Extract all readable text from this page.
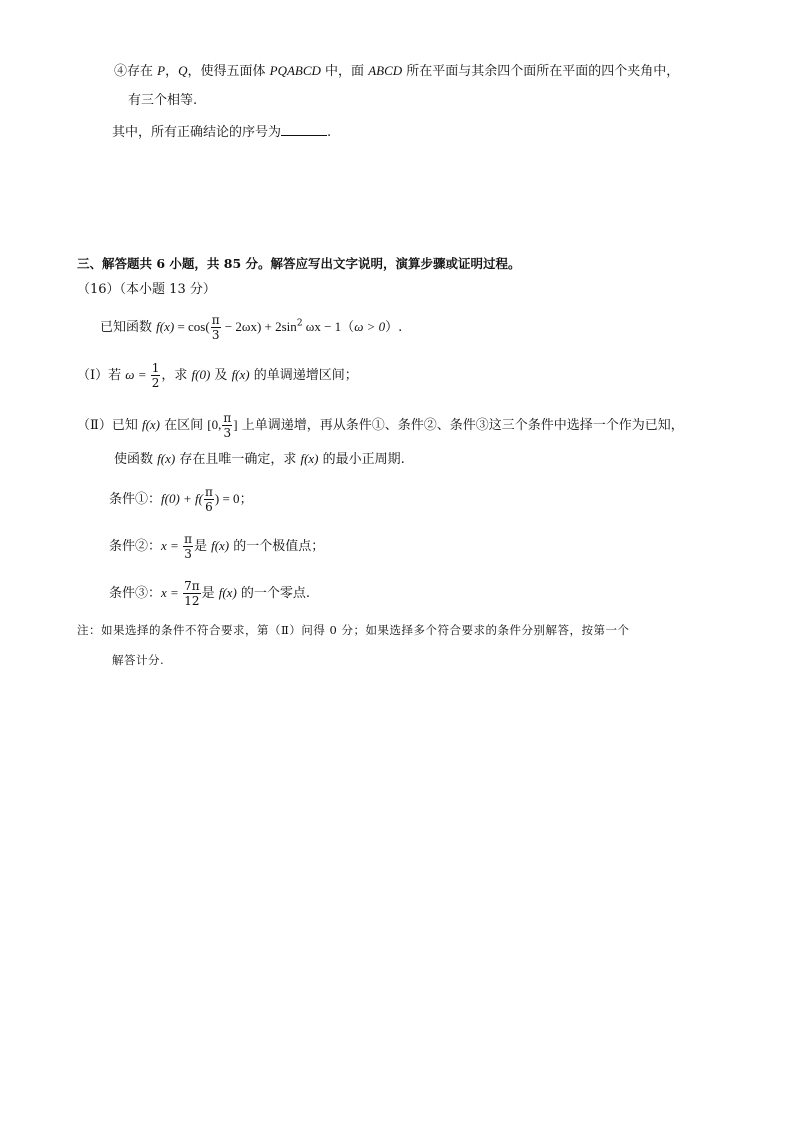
④存在 P，Q，使得五面体 PQABCD 中，面 ABCD 所在平面与其余四个面所在平面的四个夹角中，
有三个相等.
其中，所有正确结论的序号为	.
三、解答题共 6 小题，共 85 分。解答应写出文字说明，演算步骤或证明过程。
（16）（本小题 13 分）
已知函数 $f(x) = \cos( \frac{\pi}{3} - 2\omega x) + 2\sin^2$ ωx − 1（ω > 0）.
（Ⅰ）若 $\omega = \frac{1}{2}$ ，求 f(0) 及 f(x) 的单调递增区间；
（Ⅱ）已知 f(x) 在区间 [0, $\frac{\pi}{3}$ ] 上单调递增，再从条件①、条件②、条件③这三个条件中选择一个作为已知，
使函数 f(x) 存在且唯一确定，求 f(x) 的最小正周期.
条件①：$f(0) + f( \frac{\pi}{6}$ ) = 0；
条件②：$x = \frac{\pi}{3}$ 是 f(x) 的一个极值点；
条件③：$x = \frac{7\pi}{12}$ 是 f(x) 的一个零点.
注：如果选择的条件不符合要求，第（Ⅱ）问得 0 分；如果选择多个符合要求的条件分别解答，按第一个
解答计分.
